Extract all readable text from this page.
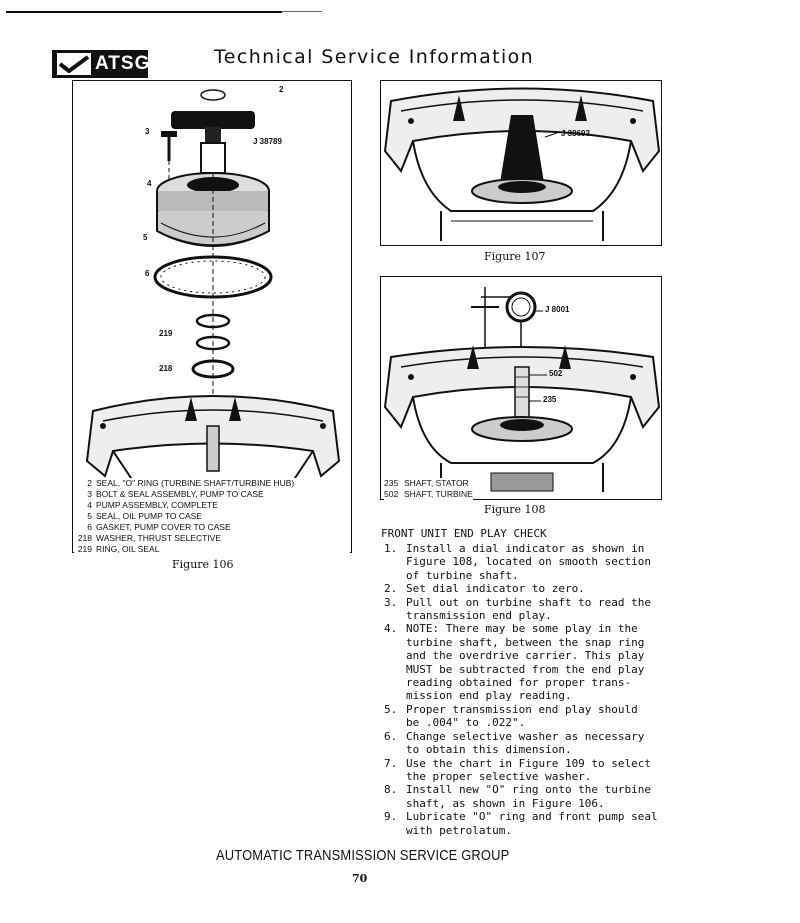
ATSG	Technical Service Information
2
3
J 38789
4
5
6
219
218
2 SEAL, "O" RING (TURBINE SHAFT/TURBINE HUB)
3 BOLT & SEAL ASSEMBLY, PUMP TO CASE
4 PUMP ASSEMBLY, COMPLETE
5 SEAL, OIL PUMP TO CASE
6 GASKET, PUMP COVER TO CASE
218 WASHER, THRUST SELECTIVE
219 RING, OIL SEAL
Figure 106
J 38693
Figure 107
J 8001
502
235
235 SHAFT, STATOR
502 SHAFT, TURBINE
Figure 108
FRONT UNIT END PLAY CHECK
1. Install a dial indicator as shown in
Figure 108, located on smooth section
of turbine shaft.
2. Set dial indicator to zero.
3. Pull out on turbine shaft to read the
transmission end play.
4. NOTE: There may be some play in the
turbine shaft, between the snap ring
and the overdrive carrier. This play
MUST be subtracted from the end play
reading obtained for proper trans-
mission end play reading.
5. Proper transmission end play should
be .004" to .022".
6. Change selective washer as necessary
to obtain this dimension.
7. Use the chart in Figure 109 to select
the proper selective washer.
8. Install new "O" ring onto the turbine
shaft, as shown in Figure 106.
9. Lubricate "O" ring and front pump seal
with petrolatum.
AUTOMATIC TRANSMISSION SERVICE GROUP
70
